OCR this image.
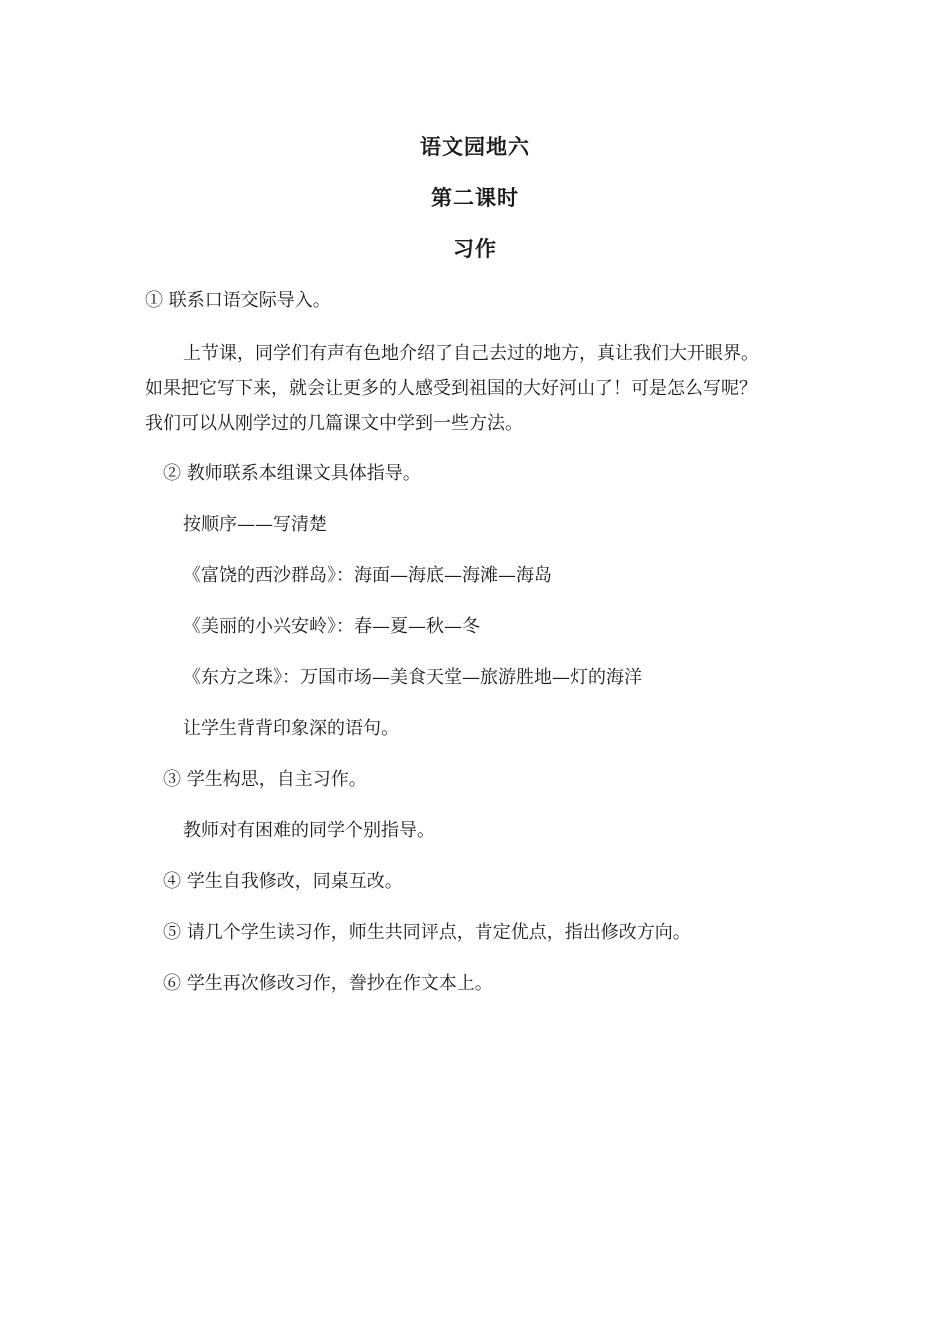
语文园地六
第二课时
习作
① 联系口语交际导入。
上节课，同学们有声有色地介绍了自己去过的地方，真让我们大开眼界。
如果把它写下来，就会让更多的人感受到祖国的大好河山了！可是怎么写呢？
我们可以从刚学过的几篇课文中学到一些方法。
② 教师联系本组课文具体指导。
按顺序——写清楚
《富饶的西沙群岛》：海面—海底—海滩—海岛
《美丽的小兴安岭》：春—夏—秋—冬
《东方之珠》：万国市场—美食天堂—旅游胜地—灯的海洋
让学生背背印象深的语句。
③ 学生构思，自主习作。
教师对有困难的同学个别指导。
④ 学生自我修改，同桌互改。
⑤ 请几个学生读习作，师生共同评点，肯定优点，指出修改方向。
⑥ 学生再次修改习作，誊抄在作文本上。
